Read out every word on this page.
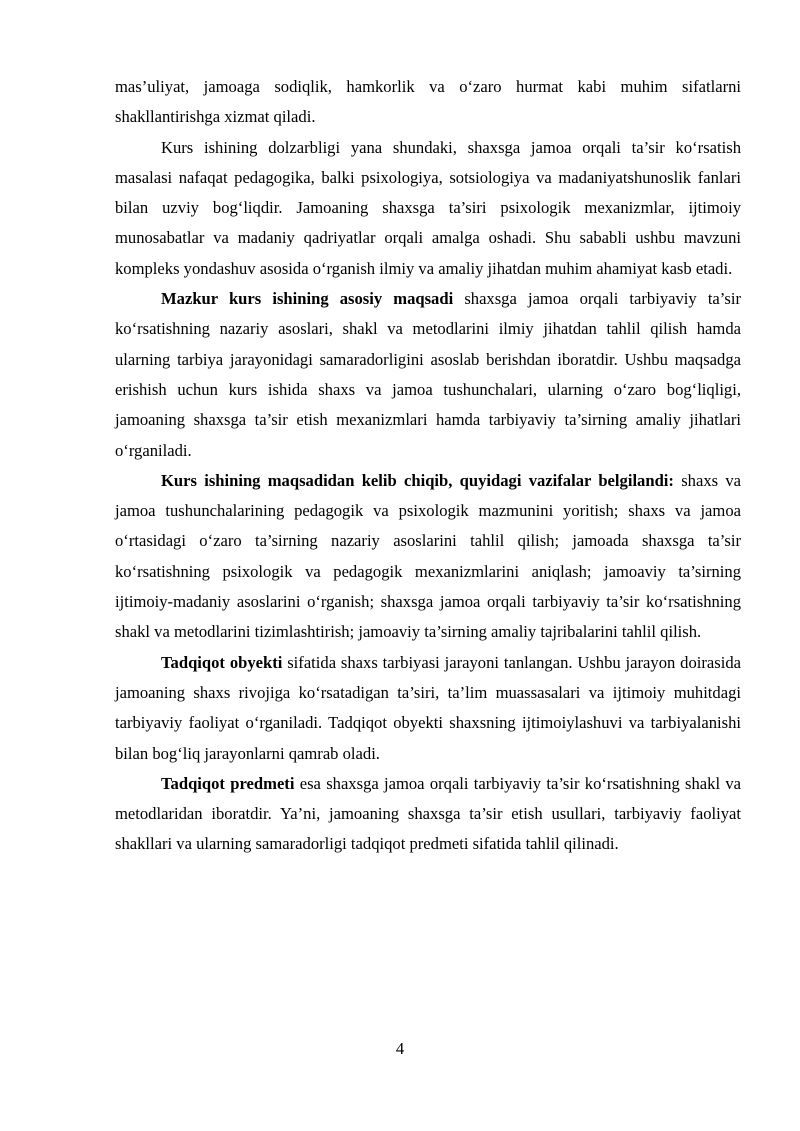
mas’uliyat, jamoaga sodiqlik, hamkorlik va o‘zaro hurmat kabi muhim sifatlarni shakllantirishga xizmat qiladi.

Kurs ishining dolzarbligi yana shundaki, shaxsga jamoa orqali ta’sir ko‘rsatish masalasi nafaqat pedagogika, balki psixologiya, sotsiologiya va madaniyatshunoslik fanlari bilan uzviy bog‘liqdir. Jamoaning shaxsga ta’siri psixologik mexanizmlar, ijtimoiy munosabatlar va madaniy qadriyatlar orqali amalga oshadi. Shu sababli ushbu mavzuni kompleks yondashuv asosida o‘rganish ilmiy va amaliy jihatdan muhim ahamiyat kasb etadi.

Mazkur kurs ishining asosiy maqsadi shaxsga jamoa orqali tarbiyaviy ta’sir ko‘rsatishning nazariy asoslari, shakl va metodlarini ilmiy jihatdan tahlil qilish hamda ularning tarbiya jarayonidagi samaradorligini asoslab berishdan iboratdir. Ushbu maqsadga erishish uchun kurs ishida shaxs va jamoa tushunchalari, ularning o‘zaro bog‘liqligi, jamoaning shaxsga ta’sir etish mexanizmlari hamda tarbiyaviy ta’sirning amaliy jihatlari o‘rganiladi.

Kurs ishining maqsadidan kelib chiqib, quyidagi vazifalar belgilandi: shaxs va jamoa tushunchalarining pedagogik va psixologik mazmunini yoritish; shaxs va jamoa o‘rtasidagi o‘zaro ta’sirning nazariy asoslarini tahlil qilish; jamoada shaxsga ta’sir ko‘rsatishning psixologik va pedagogik mexanizmlarini aniqlash; jamoaviy ta’sirning ijtimoiy-madaniy asoslarini o‘rganish; shaxsga jamoa orqali tarbiyaviy ta’sir ko‘rsatishning shakl va metodlarini tizimlashtirish; jamoaviy ta’sirning amaliy tajribalarini tahlil qilish.

Tadqiqot obyekti sifatida shaxs tarbiyasi jarayoni tanlangan. Ushbu jarayon doirasida jamoaning shaxs rivojiga ko‘rsatadigan ta’siri, ta’lim muassasalari va ijtimoiy muhitdagi tarbiyaviy faoliyat o‘rganiladi. Tadqiqot obyekti shaxsning ijtimoiylashuvi va tarbiyalanishi bilan bog‘liq jarayonlarni qamrab oladi.

Tadqiqot predmeti esa shaxsga jamoa orqali tarbiyaviy ta’sir ko‘rsatishning shakl va metodlaridan iboratdir. Ya’ni, jamoaning shaxsga ta’sir etish usullari, tarbiyaviy faoliyat shakllari va ularning samaradorligi tadqiqot predmeti sifatida tahlil qilinadi.

4
